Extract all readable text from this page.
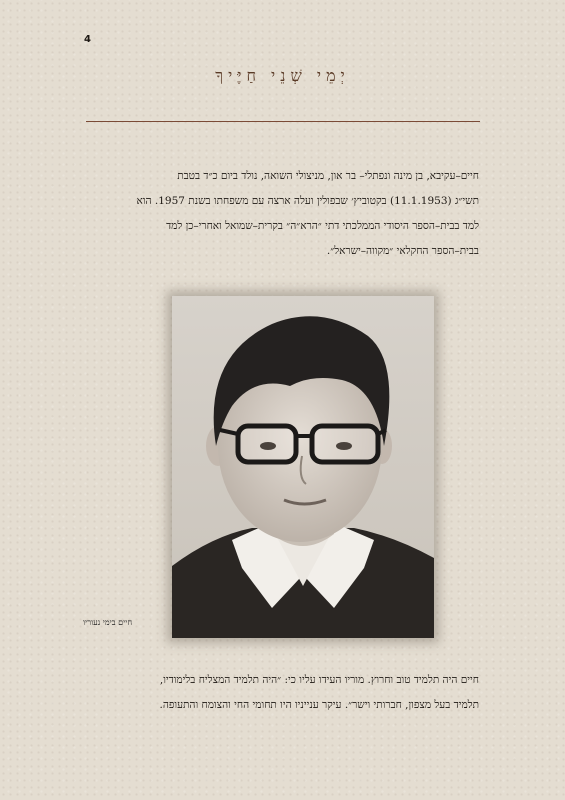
4
יְמֵי שְׁנֵי חַיֶּיךָ
חיים–עקיבא, בן מינה ונפתלי– בר און, מניצולי השואה, נולד ביום כ״ד בטבת
תשי״ג (11.1.1953) בקטוביץ׳ שבפולין ועלה ארצה עם משפחתו בשנת 1957. הוא
למד בבית–הספר היסודי הממלכתי דתי ״הרא״ה״ בקרית–שמואל ואחרי–כן למד
בבית–הספר החקלאי ״מקווה–ישראל״.
חיים בימי נעוריו
חיים היה תלמיד טוב וחרוץ. מוריו העידו עליו כי: ״היה תלמיד המצליח בלימודיו,
תלמיד בעל מצפון, חברותי וישר״. עיקר ענייניו היו תחומי החי והצומח והתעופה.
